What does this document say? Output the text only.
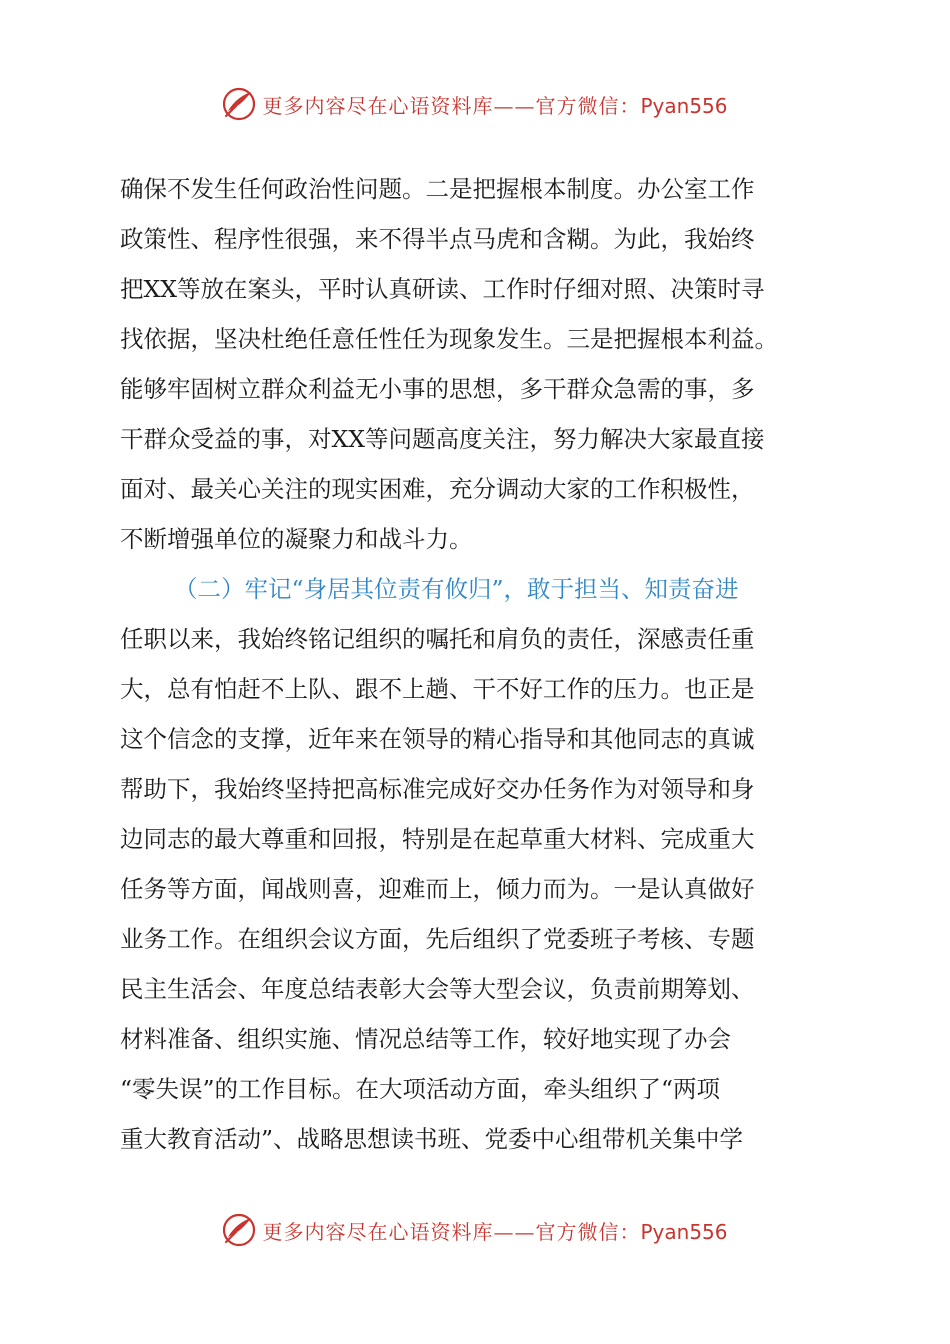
更多内容尽在心语资料库——官方微信：Pyan556
确保不发生任何政治性问题。二是把握根本制度。办公室工作
政策性、程序性很强，来不得半点马虎和含糊。为此，我始终
把XX等放在案头，平时认真研读、工作时仔细对照、决策时寻
找依据，坚决杜绝任意任性任为现象发生。三是把握根本利益。
能够牢固树立群众利益无小事的思想，多干群众急需的事，多
干群众受益的事，对XX等问题高度关注，努力解决大家最直接
面对、最关心关注的现实困难，充分调动大家的工作积极性，
不断增强单位的凝聚力和战斗力。
（二）牢记“身居其位责有攸归”，敢于担当、知责奋进
任职以来，我始终铭记组织的嘱托和肩负的责任，深感责任重
大，总有怕赶不上队、跟不上趟、干不好工作的压力。也正是
这个信念的支撑，近年来在领导的精心指导和其他同志的真诚
帮助下，我始终坚持把高标准完成好交办任务作为对领导和身
边同志的最大尊重和回报，特别是在起草重大材料、完成重大
任务等方面，闻战则喜，迎难而上，倾力而为。一是认真做好
业务工作。在组织会议方面，先后组织了党委班子考核、专题
民主生活会、年度总结表彰大会等大型会议，负责前期筹划、
材料准备、组织实施、情况总结等工作，较好地实现了办会
“零失误”的工作目标。在大项活动方面，牵头组织了“两项
重大教育活动”、战略思想读书班、党委中心组带机关集中学
更多内容尽在心语资料库——官方微信：Pyan556
